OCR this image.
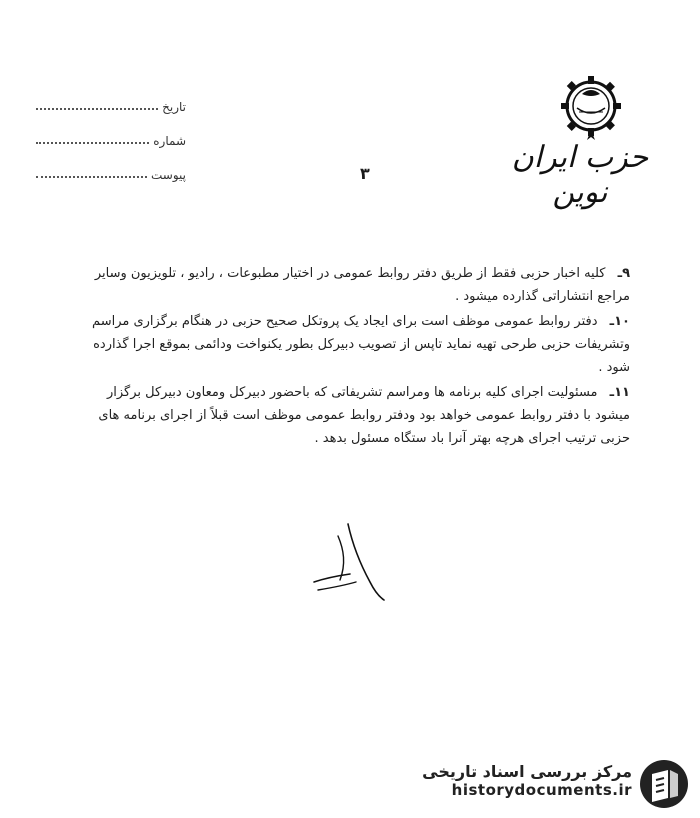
تاریخ
شماره
پیوست	حزب ایران نوین
۳

۹ـ کلیه اخبار حزبی فقط از طریق دفتر روابط عمومی در اختیار مطبوعات ، رادیو ، تلویزیون وسایر مراجع انتشاراتی گذارده میشود .

۱۰ـ دفتر روابط عمومی موظف است برای ایجاد یک پروتکل صحیح حزبی در هنگام برگزاری مراسم وتشریفات حزبی طرحی تهیه نماید تاپس از تصویب دبیرکل بطور یکنواخت ودائمی بموقع اجرا گذارده شود .

۱۱ـ مسئولیت اجرای کلیه برنامه ها ومراسم تشریفاتی که باحضور دبیرکل ومعاون دبیرکل برگزار میشود با دفتر روابط عمومی خواهد بود ودفتر روابط عمومی موظف است قبلاً از اجرای برنامه های حزبی ترتیب اجرای هرچه بهتر آنرا باد ستگاه مسئول بدهد .

مرکز بررسی اسناد تاریخی
historydocuments.ir
